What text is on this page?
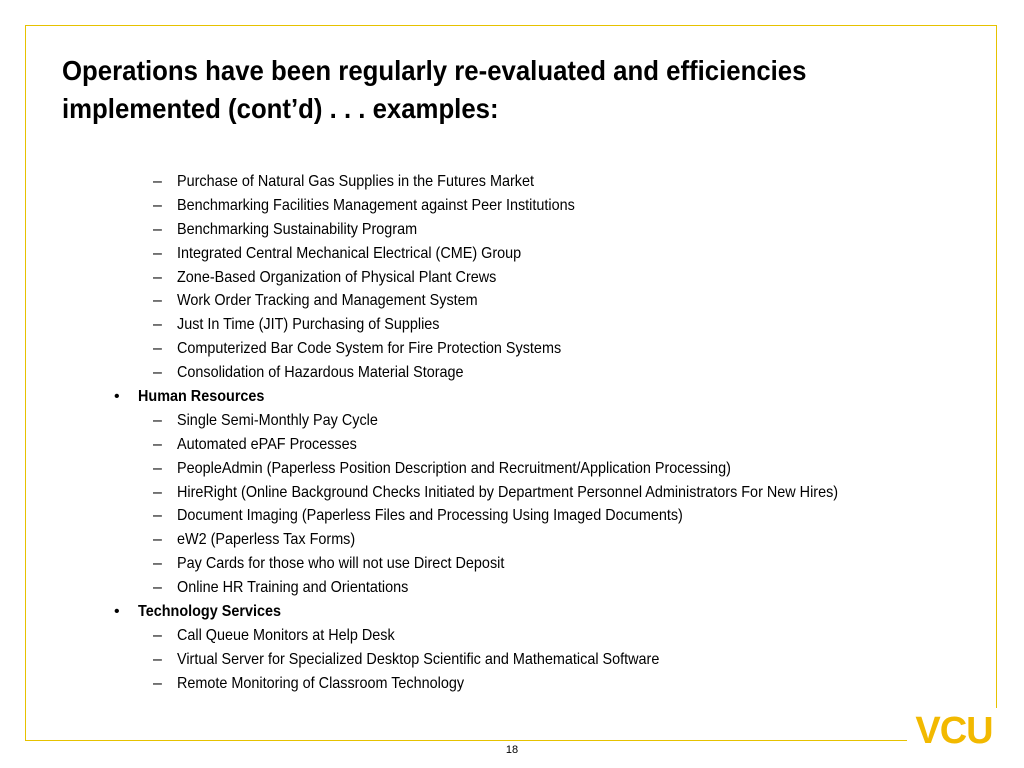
Operations have been regularly re-evaluated and efficiencies
implemented (cont’d) . . . examples:
– Purchase of Natural Gas Supplies in the Futures Market
– Benchmarking Facilities Management against Peer Institutions
– Benchmarking Sustainability Program
– Integrated Central Mechanical Electrical (CME) Group
– Zone-Based Organization of Physical Plant Crews
– Work Order Tracking and Management System
– Just In Time (JIT) Purchasing of Supplies
– Computerized Bar Code System for Fire Protection Systems
– Consolidation of Hazardous Material Storage
• Human Resources
– Single Semi-Monthly Pay Cycle
– Automated ePAF Processes
– PeopleAdmin (Paperless Position Description and Recruitment/Application Processing)
– HireRight (Online Background Checks Initiated by Department Personnel Administrators For New Hires)
– Document Imaging (Paperless Files and Processing Using Imaged Documents)
– eW2 (Paperless Tax Forms)
– Pay Cards for those who will not use Direct Deposit
– Online HR Training and Orientations
• Technology Services
– Call Queue Monitors at Help Desk
– Virtual Server for Specialized Desktop Scientific and Mathematical Software
– Remote Monitoring of Classroom Technology
18	VCU
